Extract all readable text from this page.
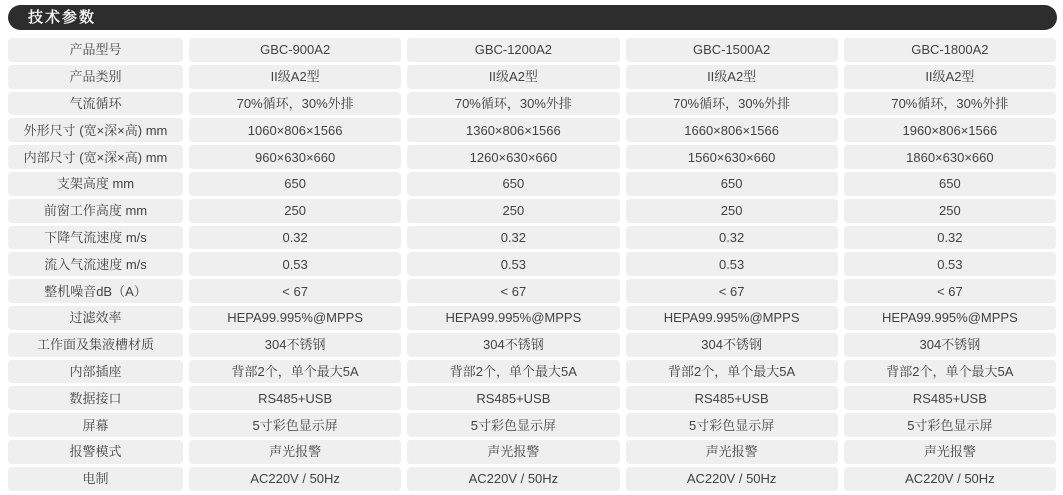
技术参数
产品型号	GBC-900A2	GBC-1200A2	GBC-1500A2	GBC-1800A2
产品类别	II级A2型	II级A2型	II级A2型	II级A2型
气流循环	70%循环，30%外排	70%循环，30%外排	70%循环，30%外排	70%循环，30%外排
外形尺寸 (宽×深×高) mm	1060×806×1566	1360×806×1566	1660×806×1566	1960×806×1566
内部尺寸 (宽×深×高) mm	960×630×660	1260×630×660	1560×630×660	1860×630×660
支架高度 mm	650	650	650	650
前窗工作高度 mm	250	250	250	250
下降气流速度 m/s	0.32	0.32	0.32	0.32
流入气流速度 m/s	0.53	0.53	0.53	0.53
整机噪音dB（A）	< 67	< 67	< 67	< 67
过滤效率	HEPA99.995%@MPPS	HEPA99.995%@MPPS	HEPA99.995%@MPPS	HEPA99.995%@MPPS
工作面及集液槽材质	304不锈钢	304不锈钢	304不锈钢	304不锈钢
内部插座	背部2个，单个最大5A	背部2个，单个最大5A	背部2个，单个最大5A	背部2个，单个最大5A
数据接口	RS485+USB	RS485+USB	RS485+USB	RS485+USB
屏幕	5寸彩色显示屏	5寸彩色显示屏	5寸彩色显示屏	5寸彩色显示屏
报警模式	声光报警	声光报警	声光报警	声光报警
电制	AC220V / 50Hz	AC220V / 50Hz	AC220V / 50Hz	AC220V / 50Hz
